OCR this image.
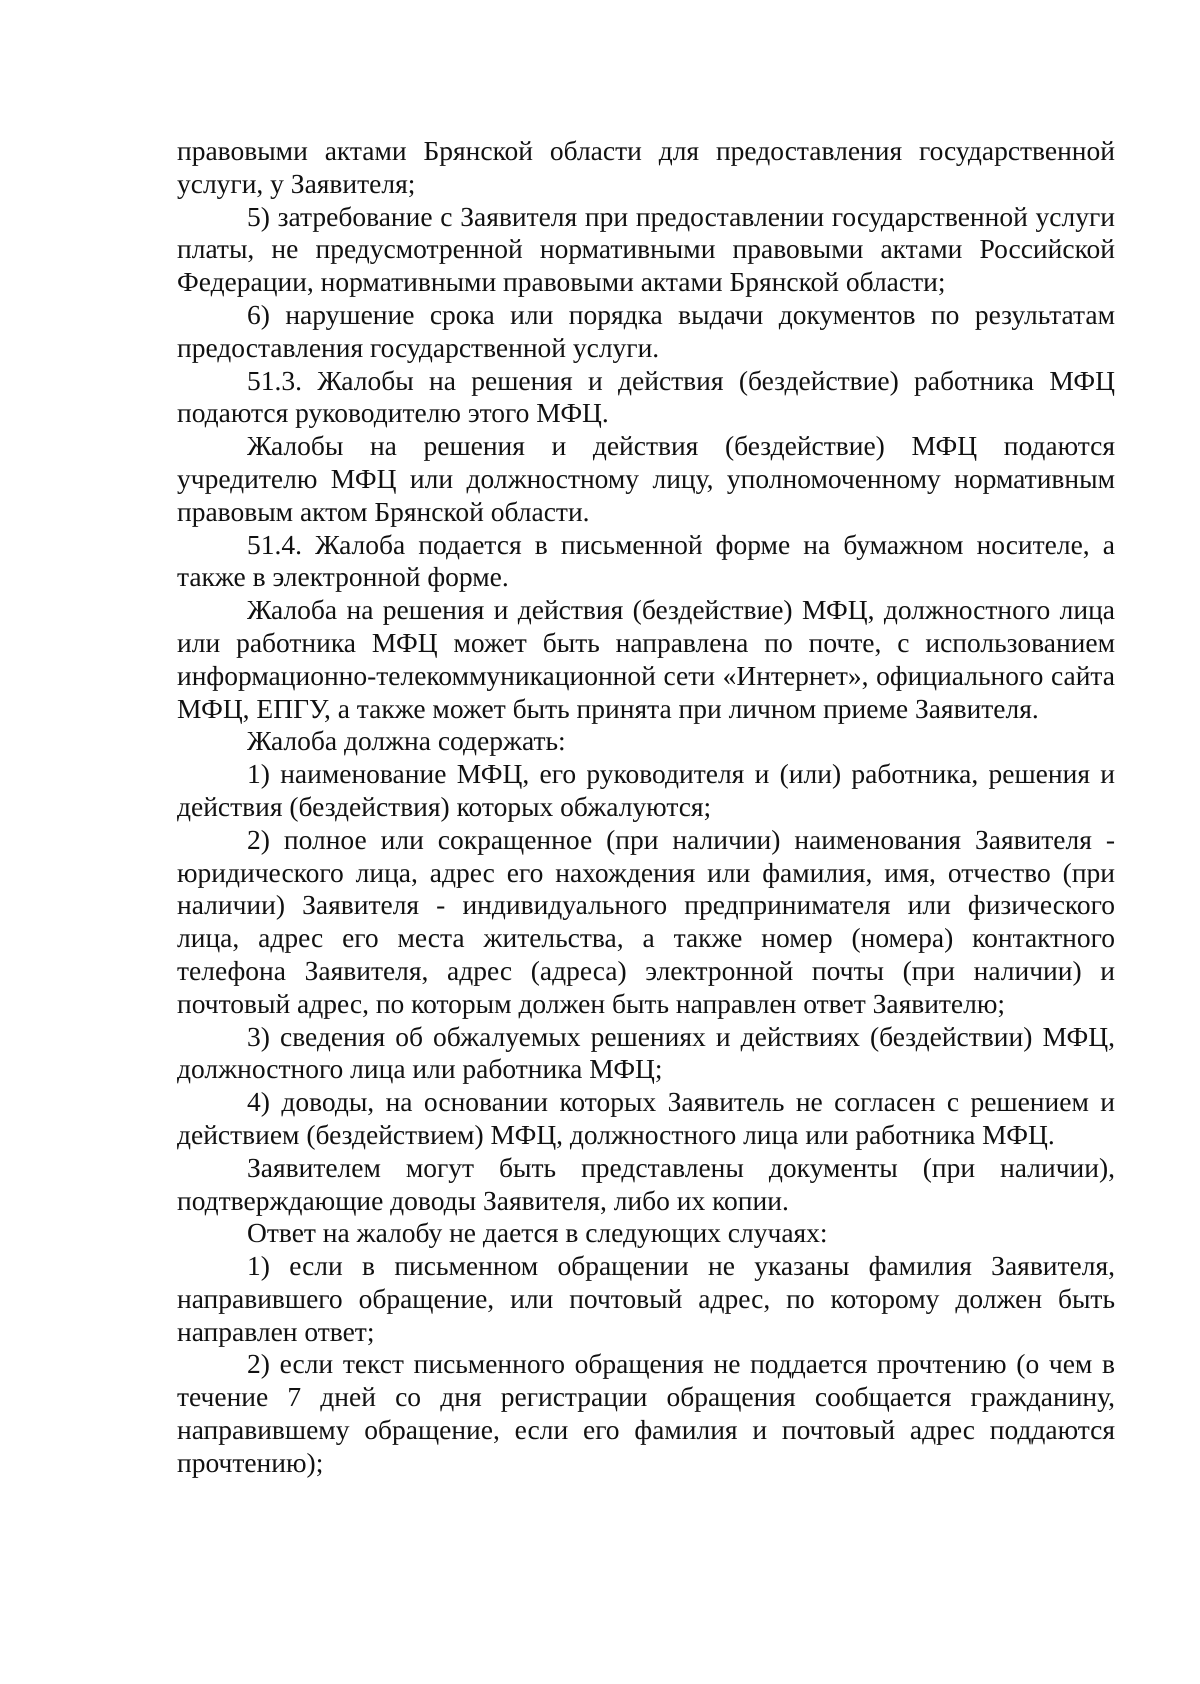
правовыми актами Брянской области для предоставления государственной услуги, у Заявителя;

5) затребование с Заявителя при предоставлении государственной услуги платы, не предусмотренной нормативными правовыми актами Российской Федерации, нормативными правовыми актами Брянской области;

6) нарушение срока или порядка выдачи документов по результатам предоставления государственной услуги.

51.3. Жалобы на решения и действия (бездействие) работника МФЦ подаются руководителю этого МФЦ.

Жалобы на решения и действия (бездействие) МФЦ подаются учредителю МФЦ или должностному лицу, уполномоченному нормативным правовым актом Брянской области.

51.4. Жалоба подается в письменной форме на бумажном носителе, а также в электронной форме.

Жалоба на решения и действия (бездействие) МФЦ, должностного лица или работника МФЦ может быть направлена по почте, с использованием информационно-телекоммуникационной сети «Интернет», официального сайта МФЦ, ЕПГУ, а также может быть принята при личном приеме Заявителя.

Жалоба должна содержать:

1) наименование МФЦ, его руководителя и (или) работника, решения и действия (бездействия) которых обжалуются;

2) полное или сокращенное (при наличии) наименования Заявителя - юридического лица, адрес его нахождения или фамилия, имя, отчество (при наличии) Заявителя - индивидуального предпринимателя или физического лица, адрес его места жительства, а также номер (номера) контактного телефона Заявителя, адрес (адреса) электронной почты (при наличии) и почтовый адрес, по которым должен быть направлен ответ Заявителю;

3) сведения об обжалуемых решениях и действиях (бездействии) МФЦ, должностного лица или работника МФЦ;

4) доводы, на основании которых Заявитель не согласен с решением и действием (бездействием) МФЦ, должностного лица или работника МФЦ.

Заявителем могут быть представлены документы (при наличии), подтверждающие доводы Заявителя, либо их копии.

Ответ на жалобу не дается в следующих случаях:

1) если в письменном обращении не указаны фамилия Заявителя, направившего обращение, или почтовый адрес, по которому должен быть направлен ответ;

2) если текст письменного обращения не поддается прочтению (о чем в течение 7 дней со дня регистрации обращения сообщается гражданину, направившему обращение, если его фамилия и почтовый адрес поддаются прочтению);
